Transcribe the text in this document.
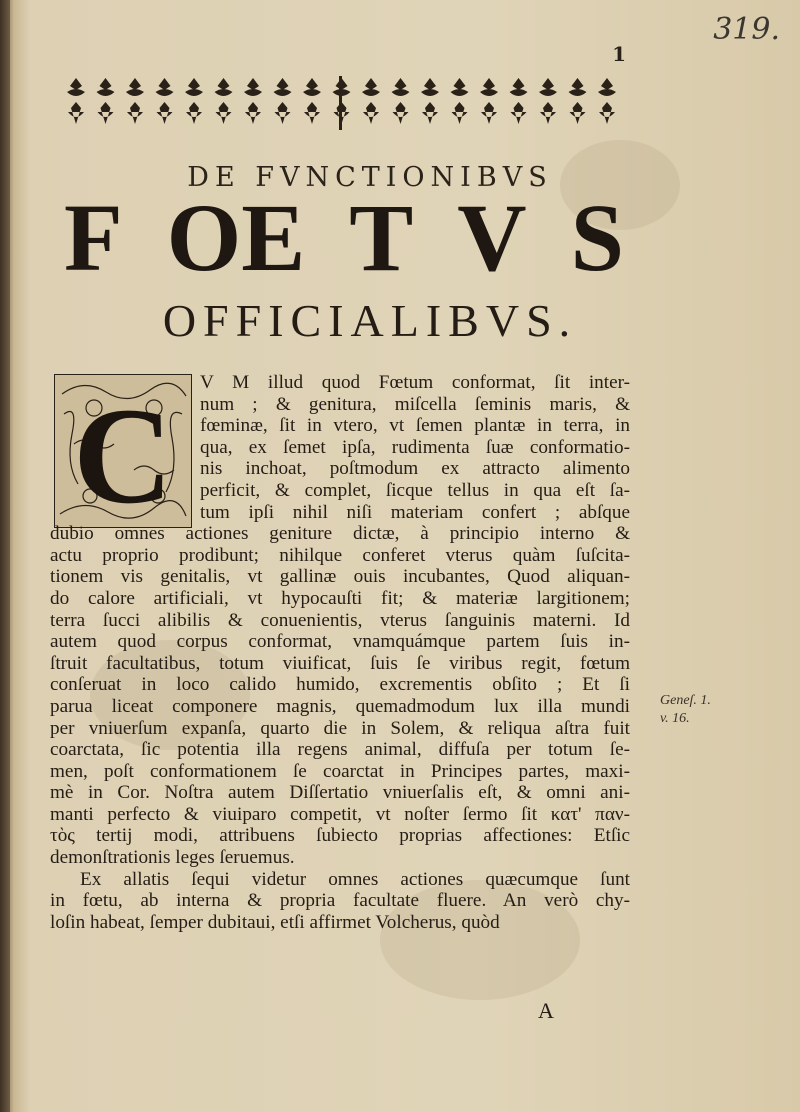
319.
1
DE FVNCTIONIBVS
F OE T V S
OFFICIALIBVS.
C	V M illud quod Fœtum conformat, ſit inter-
num ; & genitura, miſcella ſeminis maris, &
fœminæ, ſit in vtero, vt ſemen plantæ in terra, in
qua, ex ſemet ipſa, rudimenta ſuæ conformatio-
nis inchoat, poſtmodum ex attracto alimento
perficit, & complet, ſicque tellus in qua eſt ſa-
tum ipſi nihil niſi materiam confert ; abſque
dubio omnes actiones geniture dictæ, à principio interno &
actu proprio prodibunt; nihilque conferet vterus quàm ſuſcita-
tionem vis genitalis, vt gallinæ ouis incubantes, Quod aliquan-
do calore artificiali, vt hypocauſti fit; & materiæ largitionem;
terra ſucci alibilis & conuenientis, vterus ſanguinis materni. Id
autem quod corpus conformat, vnamquámque partem ſuis in-
ſtruit facultatibus, totum viuificat, ſuis ſe viribus regit, fœtum
conſeruat in loco calido humido, excrementis obſito ; Et ſi
parua liceat componere magnis, quemadmodum lux illa mundi
per vniuerſum expanſa, quarto die in Solem, & reliqua aſtra fuit
coarctata, ſic potentia illa regens animal, diffuſa per totum ſe-
men, poſt conformationem ſe coarctat in Principes partes, maxi-
mè in Cor. Noſtra autem Diſſertatio vniuerſalis eſt, & omni ani-
manti perfecto & viuiparo competit, vt noſter ſermo ſit κατ' παν-
τὸς tertij modi, attribuens ſubiecto proprias affectiones: Etſic
demonſtrationis leges ſeruemus.
Ex allatis ſequi videtur omnes actiones quæcumque ſunt
in fœtu, ab interna & propria facultate fluere. An verò chy-
loſin habeat, ſemper dubitaui, etſi affirmet Volcherus, quòd
Geneſ. 1.
v. 16.
A
